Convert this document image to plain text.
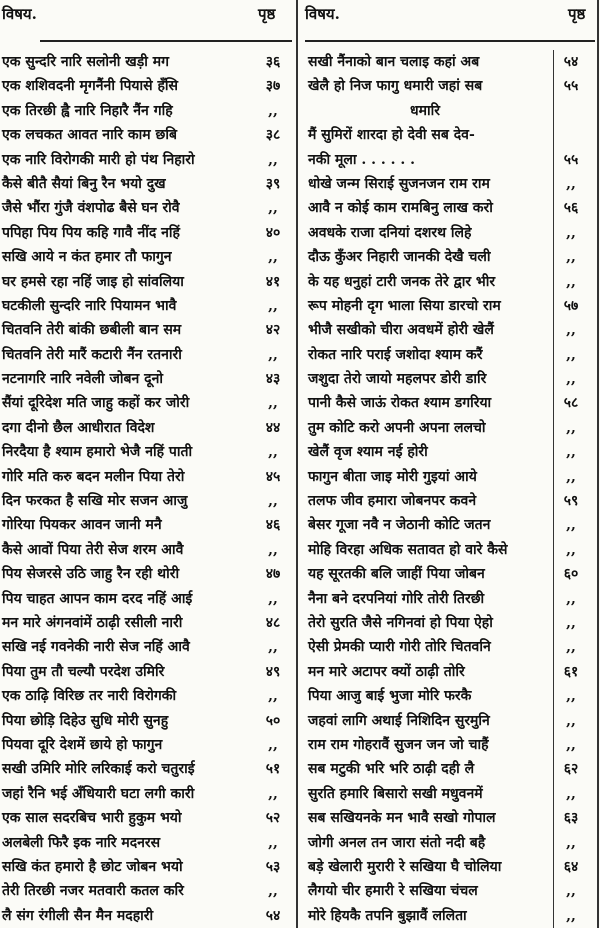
विषय.	पृष्ठ विषय.	पृष्ठ
एक सुन्दरि नारि सलोनी खड़ी मग	३६
एक शशिवदनी मृगनैंनी पियासे हँसि	३७
एक तिरछी ह्वै नारि निहारै नैंन गहि	,,
एक लचकत आवत नारि काम छबि	३८
एक नारि विरोगकी मारी हो पंथ निहारो	,,
कैसे बीतै सैयां बिनु रैन भयो दुख	३९
जैसे भौंरा गुंजै वंशपोढ बैसे घन रोवै	,,
पपिहा पिय पिय कहि गावै नींद नहिं	४०
सखि आये न कंत हमार तौ फागुन	,,
घर हमसे रहा नहिं जाइ हो सांवलिया	४१
घटकीली सुन्दरि नारि पियामन भावै	,,
चितवनि तेरी बांकी छबीली बान सम	४२
चितवनि तेरी मारैं कटारी नैंन रतनारी	,,
नटनागरि नारि नवेली जोबन दूनो	४३
सैंयां दूरिदेश मति जाहु कहों कर जोरी	,,
दगा दीनो छैल आधीरात विदेश	४४
निरदैया है श्याम हमारो भेजै नहिं पाती	,,
गोरि मति करु बदन मलीन पिया तेरो	४५
दिन फरकत है सखि मोर सजन आजु	,,
गोरिया पियकर आवन जानी मनै	४६
कैसे आवों पिया तेरी सेज शरम आवै	,,
पिय सेजरसे उठि जाहु रैन रही थोरी	४७
पिय चाहत आपन काम दरद नहिं आई	,,
मन मारे अंगनवांमें ठाढ़ी रसीली नारी	४८
सखि नई गवनेकी नारी सेज नहिं आवै	,,
पिया तुम तौ चल्यौ परदेश उमिरि	४९
एक ठाढ़ि विरिछ तर नारी विरोगकी	,,
पिया छोड़ि दिहेउ सुधि मोरी सुनहु	५०
पियवा दूरि देशमें छाये हो फागुन	,,
सखी उमिरि मोरि लरिकाई करो चतुराई	५१
जहां रैनि भई अँधियारी घटा लगी कारी	,,
एक साल सदरबिच भारी हुकुम भयो	५२
अलबेली फिरै इक नारि मदनरस	,,
सखि कंत हमारो है छोट जोबन भयो	५३
तेरी तिरछी नजर मतवारी कतल करि	,,
लै संग रंगीली सैन मैन मदहारी	५४
सखी नैंनाको बान चलाइ कहां अब	५४
खेलै हो निज फागु धमारी जहां सब	५५
धमारि
मैं सुमिरों शारदा हो देवी सब देव-
नकी मूला . . . . . .	५५
धोखे जन्म सिराई सुजनजन राम राम	,,
आवै न कोई काम रामबिनु लाख करो	५६
अवधके राजा दनियां दशरथ लिहे	,,
दौऊ कुँअर निहारी जानकी देखै चली	,,
के यह धनुहां टारी जनक तेरे द्वार भीर	,,
रूप मोहनी दृग भाला सिया डारचो राम	५७
भीजै सखीको चीरा अवधमें होरी खेलैं	,,
रोकत नारि पराई जशोदा श्याम करैं	,,
जशुदा तेरो जायो महलपर डोरी डारि	,,
पानी कैसे जाऊं रोकत श्याम डगरिया	५८
तुम कोटि करो अपनी अपना ललचो	,,
खेलैं वृज श्याम नई होरी	,,
फागुन बीता जाइ मोरी गुइयां आये	,,
तलफ जीव हमारा जोबनपर कवने	५९
बेसर गूजा नवै न जेठानी कोटि जतन	,,
मोहि विरहा अधिक सतावत हो वारे कैसे	,,
यह सूरतकी बलि जाहीं पिया जोबन	६०
नैना बने दरपनियां गोरि तोरी तिरछी	,,
तेरो सुरति जैसे नगिनवां हो पिया ऐहो	,,
ऐसी प्रेमकी प्यारी गोरी तोरि चितवनि	,,
मन मारे अटापर क्यों ठाढ़ी तोरि	६१
पिया आजु बाई भुजा मोरि फरकै	,,
जहवां लागि अथाई निशिदिन सुरमुनि	,,
राम राम गोहरावैं सुजन जन जो चाहैं	,,
सब मटुकी भरि भरि ठाढ़ी दही लै	६२
सुरति हमारि बिसारो सखी मधुवनमें	,,
सब सखियनके मन भावै सखो गोपाल	६३
जोगी अनल तन जारा संतो नदी बहै	,,
बड़े खेलारी मुरारी रे सखिया घै चोलिया	६४
लैगयो चीर हमारी रे सखिया चंचल	,,
मोरे हियकै तपनि बुझावैं ललिता	,,
